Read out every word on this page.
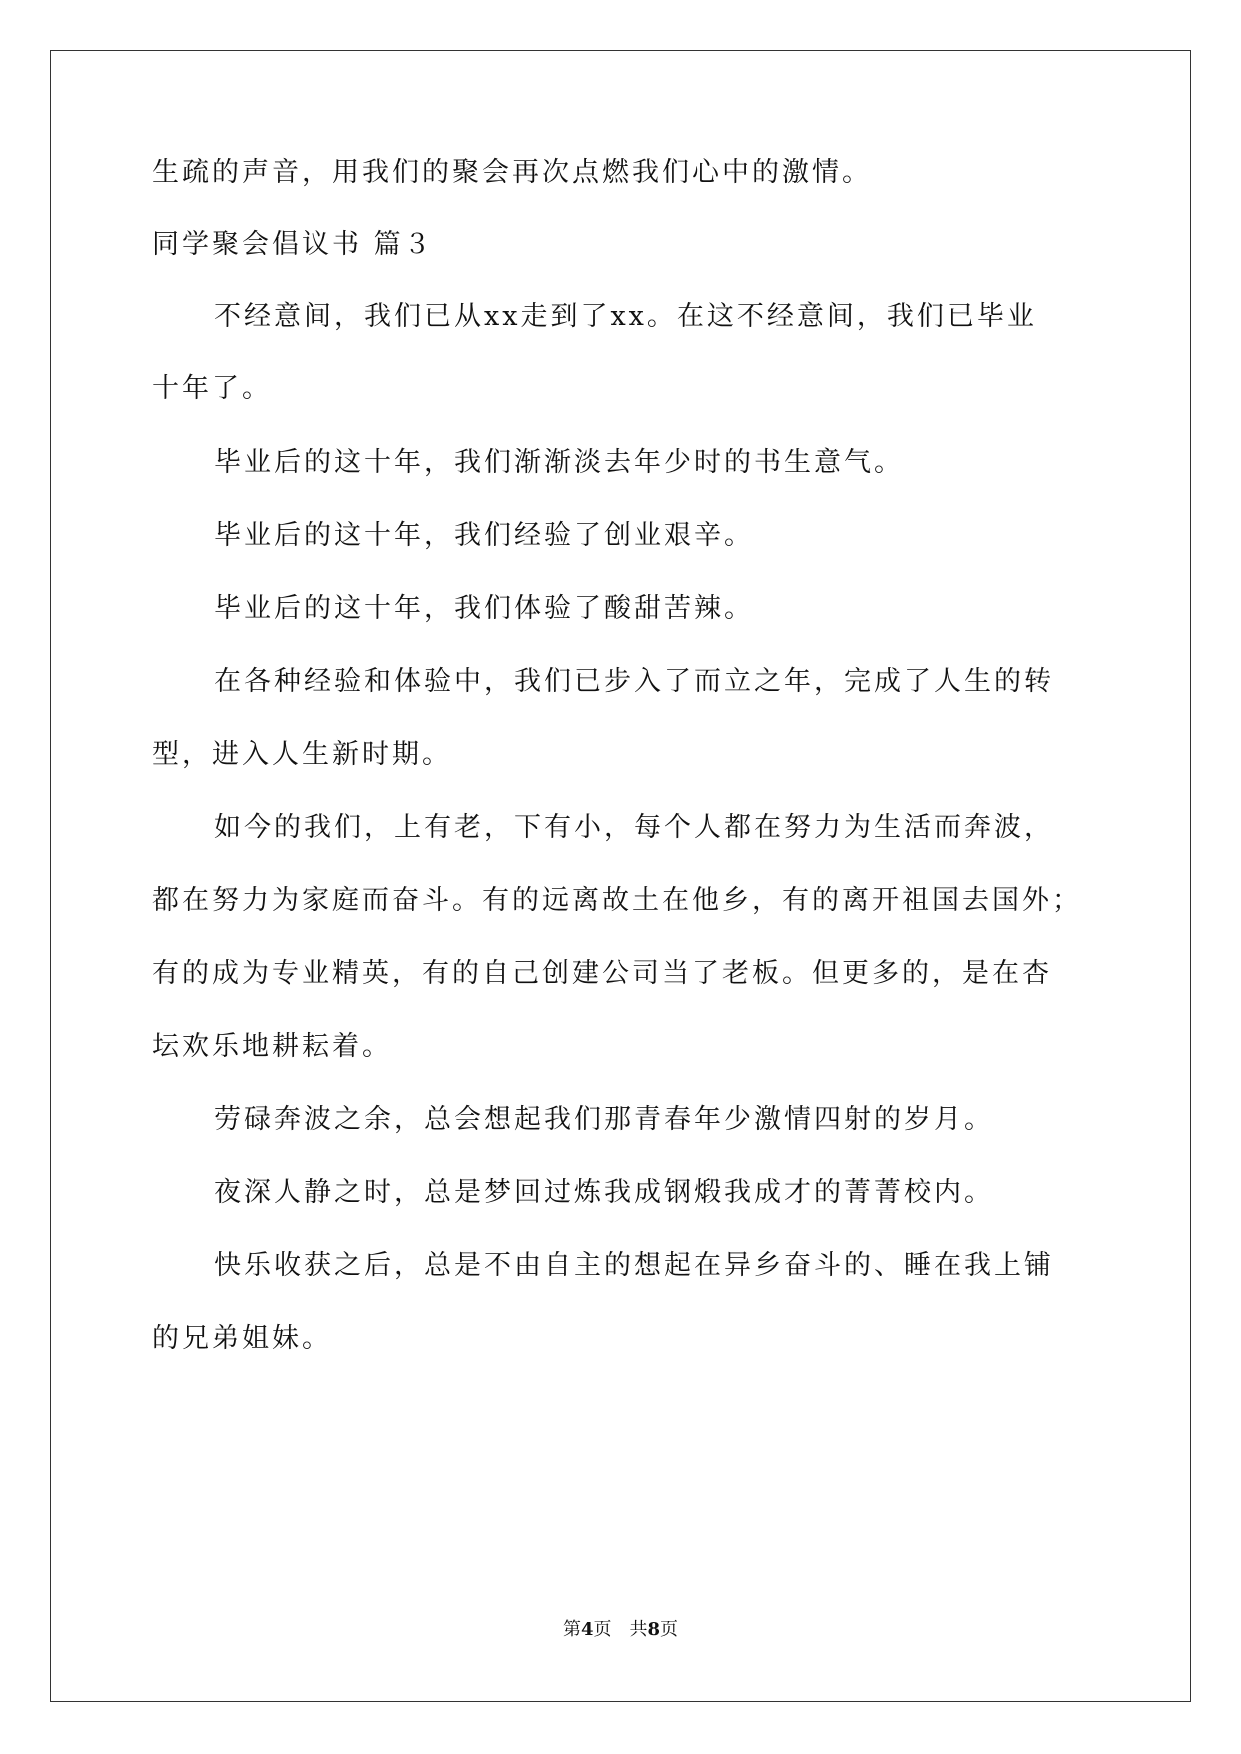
生疏的声音，用我们的聚会再次点燃我们心中的激情。
同学聚会倡议书 篇３
不经意间，我们已从xx走到了xx。在这不经意间，我们已毕业
十年了。
毕业后的这十年，我们渐渐淡去年少时的书生意气。
毕业后的这十年，我们经验了创业艰辛。
毕业后的这十年，我们体验了酸甜苦辣。
在各种经验和体验中，我们已步入了而立之年，完成了人生的转
型，进入人生新时期。
如今的我们，上有老，下有小，每个人都在努力为生活而奔波，
都在努力为家庭而奋斗。有的远离故土在他乡，有的离开祖国去国外；
有的成为专业精英，有的自己创建公司当了老板。但更多的，是在杏
坛欢乐地耕耘着。
劳碌奔波之余，总会想起我们那青春年少激情四射的岁月。
夜深人静之时，总是梦回过炼我成钢煅我成才的菁菁校内。
快乐收获之后，总是不由自主的想起在异乡奋斗的、睡在我上铺
的兄弟姐妹。
第4页 共8页
